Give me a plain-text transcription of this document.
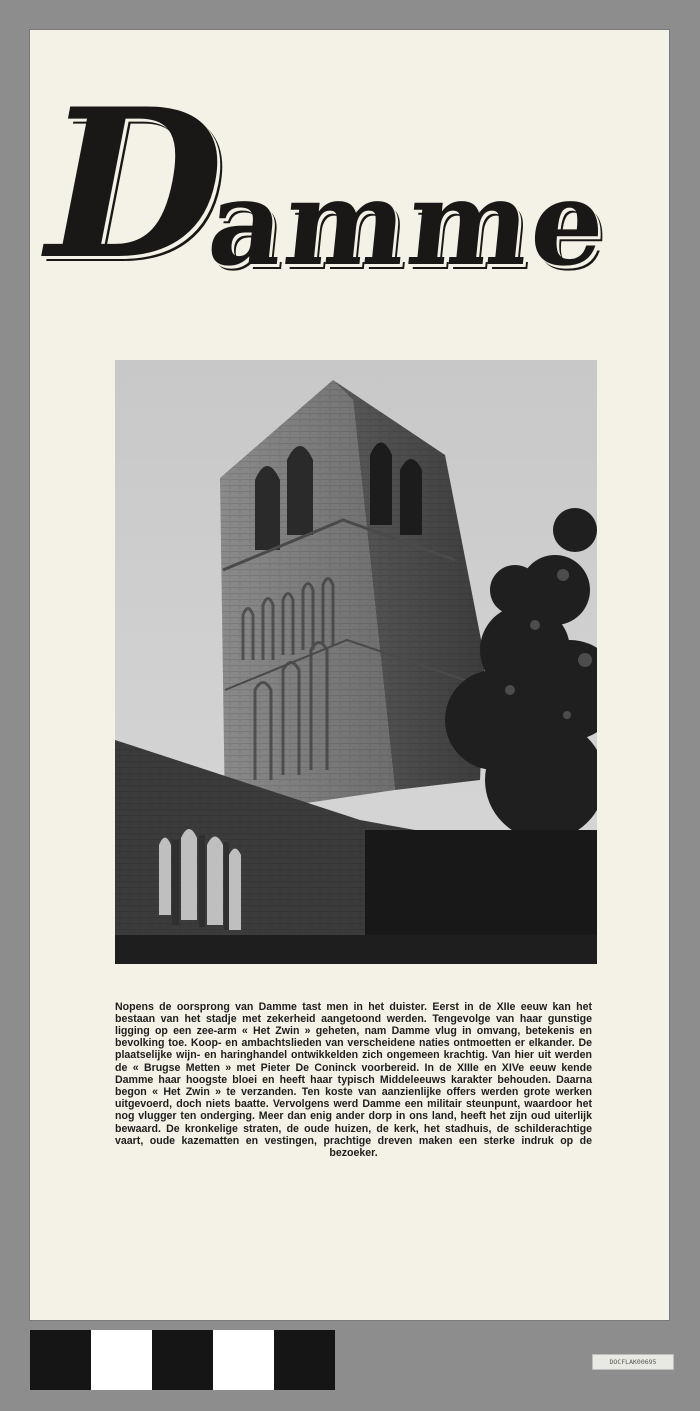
D
amme

Nopens de oorsprong van Damme tast men in het duister. Eerst in de XIIe eeuw kan het bestaan van het stadje met zekerheid aangetoond werden. Tengevolge van haar gunstige ligging op een zee-arm « Het Zwin » geheten, nam Damme vlug in omvang, betekenis en bevolking toe. Koop- en ambachtslieden van verscheidene naties ontmoetten er elkander. De plaatselijke wijn- en haringhandel ontwikkelden zich ongemeen krachtig. Van hier uit werden de « Brugse Metten » met Pieter De Coninck voorbereid. In de XIIIe en XIVe eeuw kende Damme haar hoogste bloei en heeft haar typisch Middeleeuws karakter behouden. Daarna begon « Het Zwin » te verzanden. Ten koste van aanzienlijke offers werden grote werken uitgevoerd, doch niets baatte. Vervolgens werd Damme een militair steunpunt, waardoor het nog vlugger ten onderging. Meer dan enig ander dorp in ons land, heeft het zijn oud uiterlijk bewaard. De kronkelige straten, de oude huizen, de kerk, het stadhuis, de schilderachtige vaart, oude kazematten en vestingen, prachtige dreven maken een sterke indruk op de bezoeker.

DOCFLAK00695
